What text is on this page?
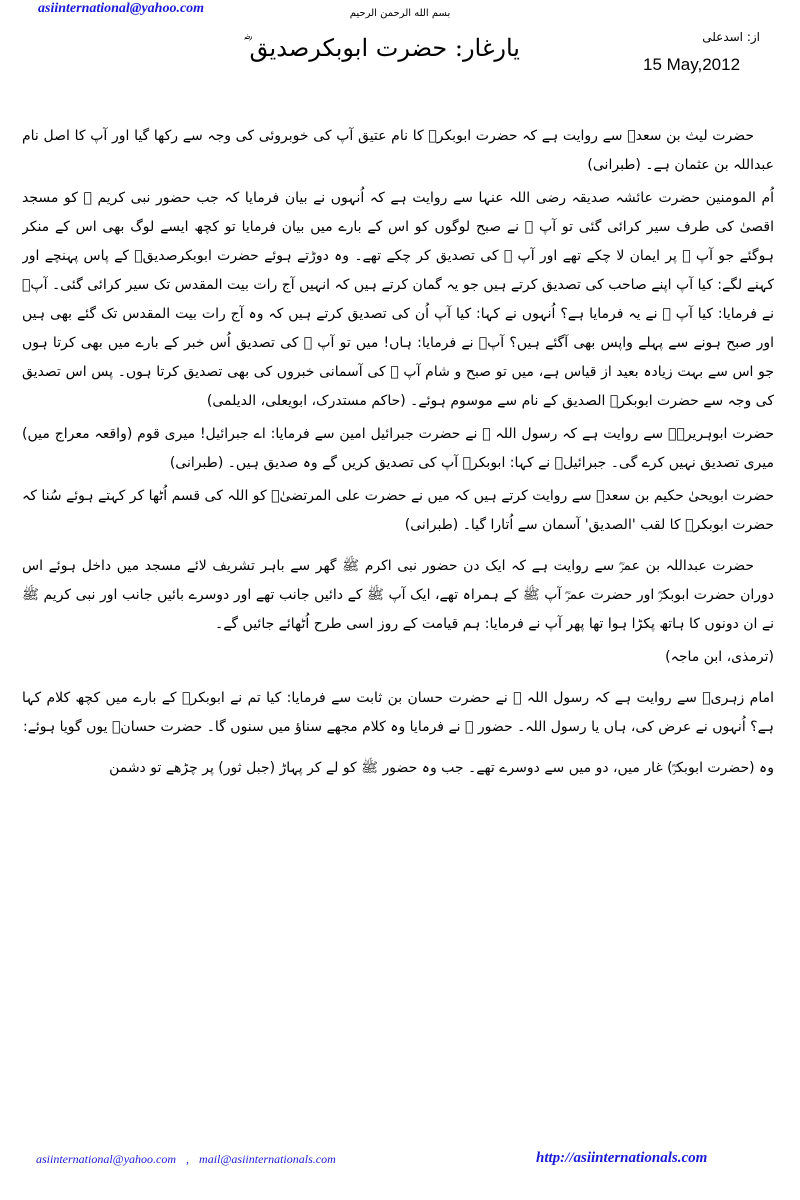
asiinternational@yahoo.com	بسم الله الرحمن الرحیم
یارغار: حضرت ابوبکرصدیق ؓ	از: اسدعلی
15 May,2012

حضرت لیث بن سعدؓ سے روایت ہے کہ حضرت ابوبکرؓ کا نام عتیق آپ کی خوبروئی کی وجہ سے رکھا گیا اور آپ کا اصل نام عبداللہ بن عثمان ہے۔ (طبرانی)

اُم المومنین حضرت عائشہ صدیقہ رضی اللہ عنہا سے روایت ہے کہ اُنہوں نے بیان فرمایا کہ جب حضور نبی کریم ﷺ کو مسجد اقصیٰ کی طرف سیر کرائی گئی تو آپ ﷺ نے صبح لوگوں کو اس کے بارے میں بیان فرمایا تو کچھ ایسے لوگ بھی اس کے منکر ہوگئے جو آپ ﷺ پر ایمان لا چکے تھے اور آپ ﷺ کی تصدیق کر چکے تھے۔ وہ دوڑتے ہوئے حضرت ابوبکرصدیقؓ کے پاس پہنچے اور کہنے لگے: کیا آپ اپنے صاحب کی تصدیق کرتے ہیں جو یہ گمان کرتے ہیں کہ انہیں آج رات بیت المقدس تک سیر کرائی گئی۔ آپؓ نے فرمایا: کیا آپ ﷺ نے یہ فرمایا ہے؟ اُنہوں نے کہا: کیا آپ اُن کی تصدیق کرتے ہیں کہ وہ آج رات بیت المقدس تک گئے بھی ہیں اور صبح ہونے سے پہلے واپس بھی آگئے ہیں؟ آپؓ نے فرمایا: ہاں! میں تو آپ ﷺ کی تصدیق اُس خبر کے بارے میں بھی کرتا ہوں جو اس سے بہت زیادہ بعید از قیاس ہے، میں تو صبح و شام آپ ﷺ کی آسمانی خبروں کی بھی تصدیق کرتا ہوں۔ پس اس تصدیق کی وجہ سے حضرت ابوبکرؓ الصدیق کے نام سے موسوم ہوئے۔ (حاکم مستدرک، ابویعلی، الدیلمی)

حضرت ابوہریرہؓ سے روایت ہے کہ رسول اللہ ﷺ نے حضرت جبرائیل امین سے فرمایا: اے جبرائیل! میری قوم (واقعہ معراج میں) میری تصدیق نہیں کرے گی۔ جبرائیلؑ نے کہا: ابوبکرؓ آپ کی تصدیق کریں گے وہ صدیق ہیں۔ (طبرانی)

حضرت ابویحیٰ حکیم بن سعدؓ سے روایت کرتے ہیں کہ میں نے حضرت علی المرتضیٰؓ کو اللہ کی قسم اُٹھا کر کہتے ہوئے سُنا کہ حضرت ابوبکرؓ کا لقب 'الصدیق' آسمان سے اُتارا گیا۔ (طبرانی)

حضرت عبداللہ بن عمرؓ سے روایت ہے کہ ایک دن حضور نبی اکرم ﷺ گھر سے باہر تشریف لائے مسجد میں داخل ہوئے اس دوران حضرت ابوبکرؓ اور حضرت عمرؓ آپ ﷺ کے ہمراہ تھے، ایک آپ ﷺ کے دائیں جانب تھے اور دوسرے بائیں جانب اور نبی کریم ﷺ نے ان دونوں کا ہاتھ پکڑا ہوا تھا پھر آپ نے فرمایا: ہم قیامت کے روز اسی طرح اُٹھائے جائیں گے۔

(ترمذی، ابن ماجہ)

امام زہریؒ سے روایت ہے کہ رسول اللہ ﷺ نے حضرت حسان بن ثابت سے فرمایا: کیا تم نے ابوبکرؓ کے بارے میں کچھ کلام کہا ہے؟ اُنہوں نے عرض کی، ہاں یا رسول اللہ۔ حضور ﷺ نے فرمایا وہ کلام مجھے سناؤ میں سنوں گا۔ حضرت حسانؓ یوں گویا ہوئے:

وہ (حضرت ابوبکرؓ) غار میں، دو میں سے دوسرے تھے۔ جب وہ حضور ﷺ کو لے کر پہاڑ (جبل ثور) پر چڑھے تو دشمن

asiinternational@yahoo.com , mail@asiinternationals.com	http://asiinternationals.com
